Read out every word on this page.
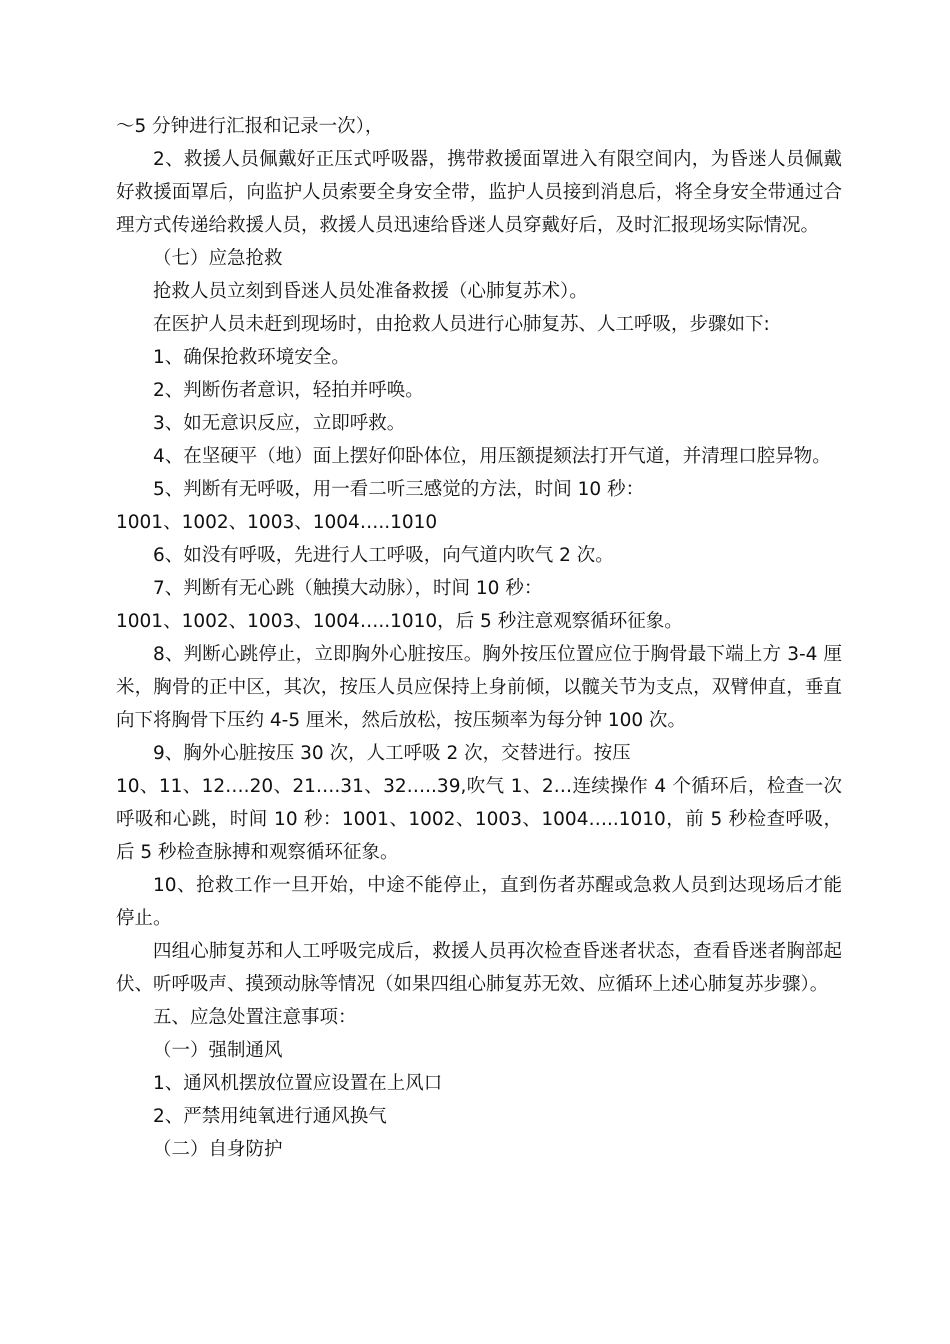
～5 分钟进行汇报和记录一次），

2、救援人员佩戴好正压式呼吸器，携带救援面罩进入有限空间内，为昏迷人员佩戴好救援面罩后，向监护人员索要全身安全带，监护人员接到消息后，将全身安全带通过合理方式传递给救援人员，救援人员迅速给昏迷人员穿戴好后，及时汇报现场实际情况。

（七）应急抢救

抢救人员立刻到昏迷人员处准备救援（心肺复苏术）。

在医护人员未赶到现场时，由抢救人员进行心肺复苏、人工呼吸，步骤如下:

1、确保抢救环境安全。

2、判断伤者意识，轻拍并呼唤。

3、如无意识反应，立即呼救。

4、在坚硬平（地）面上摆好仰卧体位，用压额提颏法打开气道，并清理口腔异物。

5、判断有无呼吸，用一看二听三感觉的方法，时间 10 秒：

1001、1002、1003、1004…..1010

6、如没有呼吸，先进行人工呼吸，向气道内吹气 2 次。

7、判断有无心跳（触摸大动脉），时间 10 秒：

1001、1002、1003、1004…..1010，后 5 秒注意观察循环征象。

8、判断心跳停止，立即胸外心脏按压。胸外按压位置应位于胸骨最下端上方 3-4 厘米，胸骨的正中区，其次，按压人员应保持上身前倾，以髋关节为支点，双臂伸直，垂直向下将胸骨下压约 4-5 厘米，然后放松，按压频率为每分钟 100 次。

9、胸外心脏按压 30 次，人工呼吸 2 次，交替进行。按压

10、11、12….20、21….31、32…..39,吹气 1、2…连续操作 4 个循环后，检查一次呼吸和心跳，时间 10 秒：1001、1002、1003、1004…..1010，前 5 秒检查呼吸，后 5 秒检查脉搏和观察循环征象。

10、抢救工作一旦开始，中途不能停止，直到伤者苏醒或急救人员到达现场后才能停止。

四组心肺复苏和人工呼吸完成后，救援人员再次检查昏迷者状态，查看昏迷者胸部起伏、听呼吸声、摸颈动脉等情况（如果四组心肺复苏无效、应循环上述心肺复苏步骤）。

五、应急处置注意事项：

（一）强制通风

1、通风机摆放位置应设置在上风口

2、严禁用纯氧进行通风换气

（二）自身防护
